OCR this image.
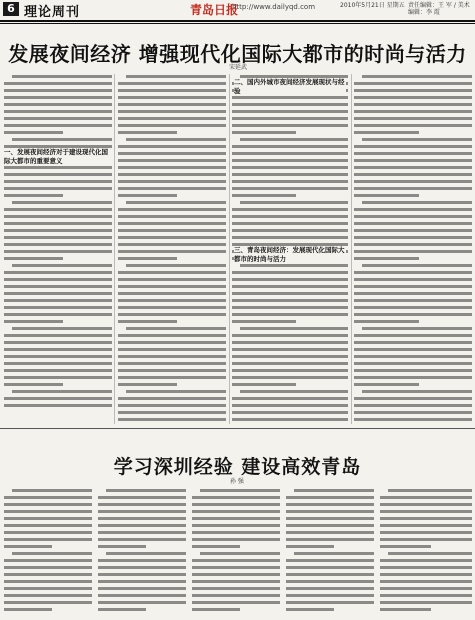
6 理论周刊	青岛日报
http://www.dailyqd.com	2010年5月21日 星期五 责任编辑：王 军 / 美术编辑：李 霞
发展夜间经济 增强现代化国际大都市的时尚与活力
宋延武
一、发展夜间经济对于建设现代化国际大都市的重要意义
二、国内外城市夜间经济发展现状与经验
三、青岛夜间经济：发展现代化国际大都市的时尚与活力
学习深圳经验 建设高效青岛
孙 强
